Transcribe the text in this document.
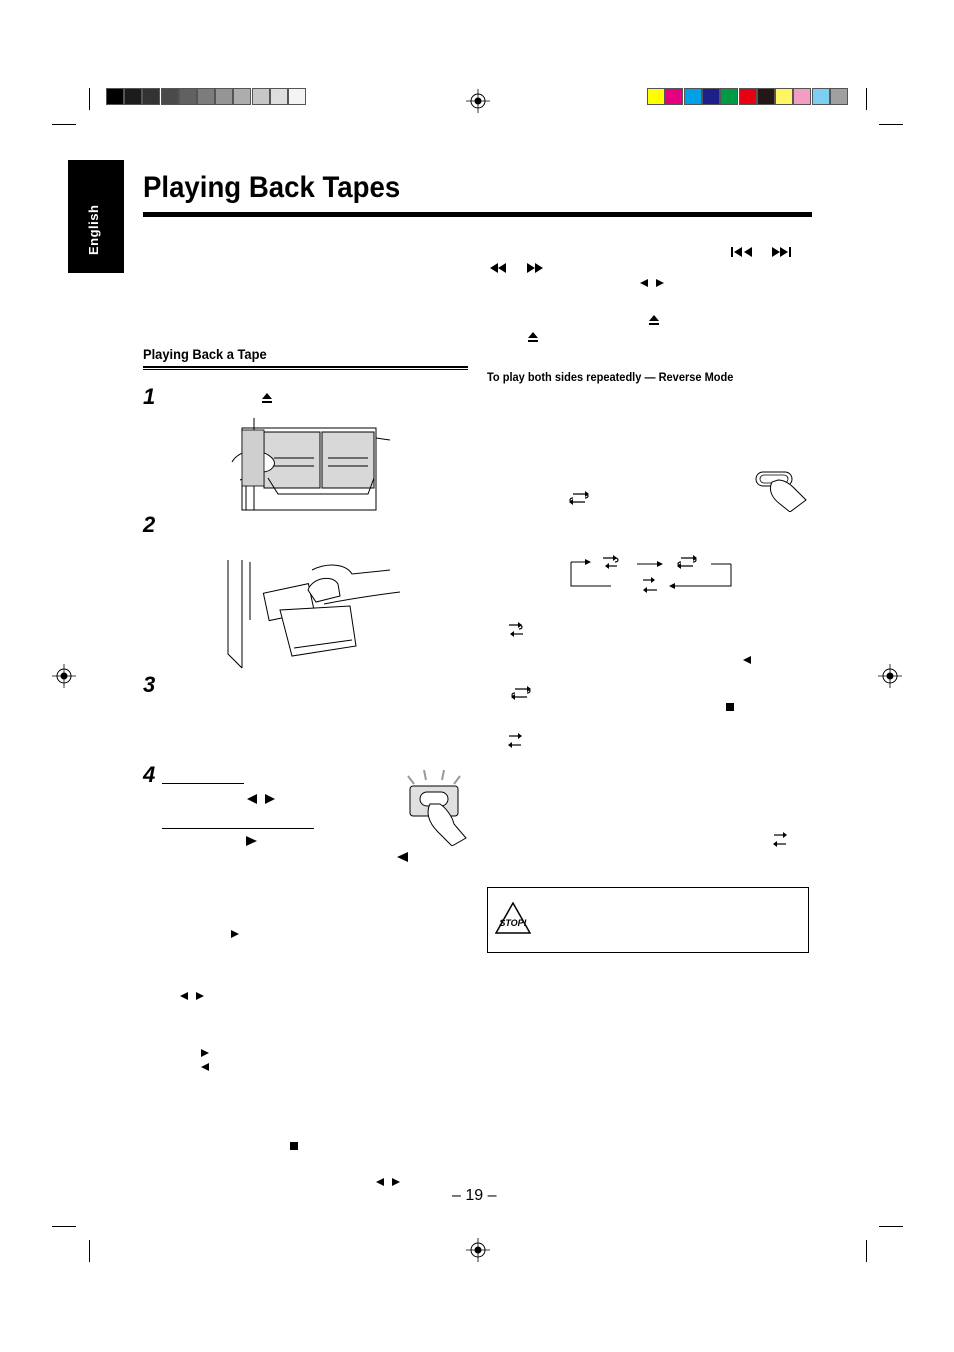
English
Playing Back Tapes
Playing Back a Tape
1
2
3
4
To play both sides repeatedly — Reverse Mode
STOP!
– 19 –
